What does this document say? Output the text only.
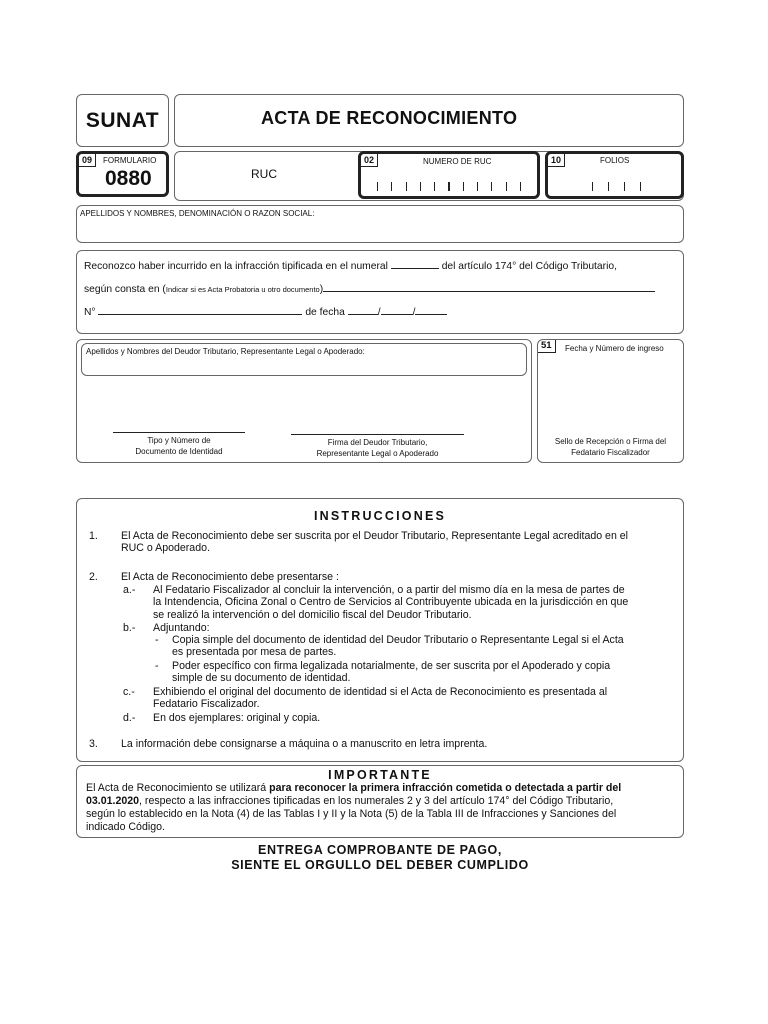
SUNAT	ACTA DE RECONOCIMIENTO
09	FORMULARIO
0880	RUC
02	NUMERO DE RUC	10	FOLIOS
APELLIDOS Y NOMBRES, DENOMINACIÓN O RAZON SOCIAL:
Reconozco haber incurrido en la infracción tipificada en el numeral	del artículo 174° del Código Tributario,
según consta en (Indicar si es Acta Probatoria u otro documento)
N°	de fecha	/	/
Apellidos y Nombres del Deudor Tributario, Representante Legal o Apoderado:
Tipo y Número de
Documento de Identidad
Firma del Deudor Tributario,
Representante Legal o Apoderado
51	Fecha y Número de ingreso
Sello de Recepción o Firma del
Fedatario Fiscalizador
INSTRUCCIONES
1. El Acta de Reconocimiento debe ser suscrita por el Deudor Tributario, Representante Legal acreditado en el
RUC o Apoderado.
2. El Acta de Reconocimiento debe presentarse :
a.- Al Fedatario Fiscalizador al concluir la intervención, o a partir del mismo día en la mesa de partes de
la Intendencia, Oficina Zonal o Centro de Servicios al Contribuyente ubicada en la jurisdicción en que
se realizó la intervención o del domicilio fiscal del Deudor Tributario.
b.- Adjuntando:
- Copia simple del documento de identidad del Deudor Tributario o Representante Legal si el Acta
es presentada por mesa de partes.
- Poder específico con firma legalizada notarialmente, de ser suscrita por el Apoderado y copia
simple de su documento de identidad.
c.- Exhibiendo el original del documento de identidad si el Acta de Reconocimiento es presentada al
Fedatario Fiscalizador.
d.- En dos ejemplares: original y copia.
3. La información debe consignarse a máquina o a manuscrito en letra imprenta.
IMPORTANTE
El Acta de Reconocimiento se utilizará para reconocer la primera infracción cometida o detectada a partir del
03.01.2020, respecto a las infracciones tipificadas en los numerales 2 y 3 del artículo 174° del Código Tributario,
según lo establecido en la Nota (4) de las Tablas I y II y la Nota (5) de la Tabla III de Infracciones y Sanciones del
indicado Código.
ENTREGA COMPROBANTE DE PAGO,
SIENTE EL ORGULLO DEL DEBER CUMPLIDO
